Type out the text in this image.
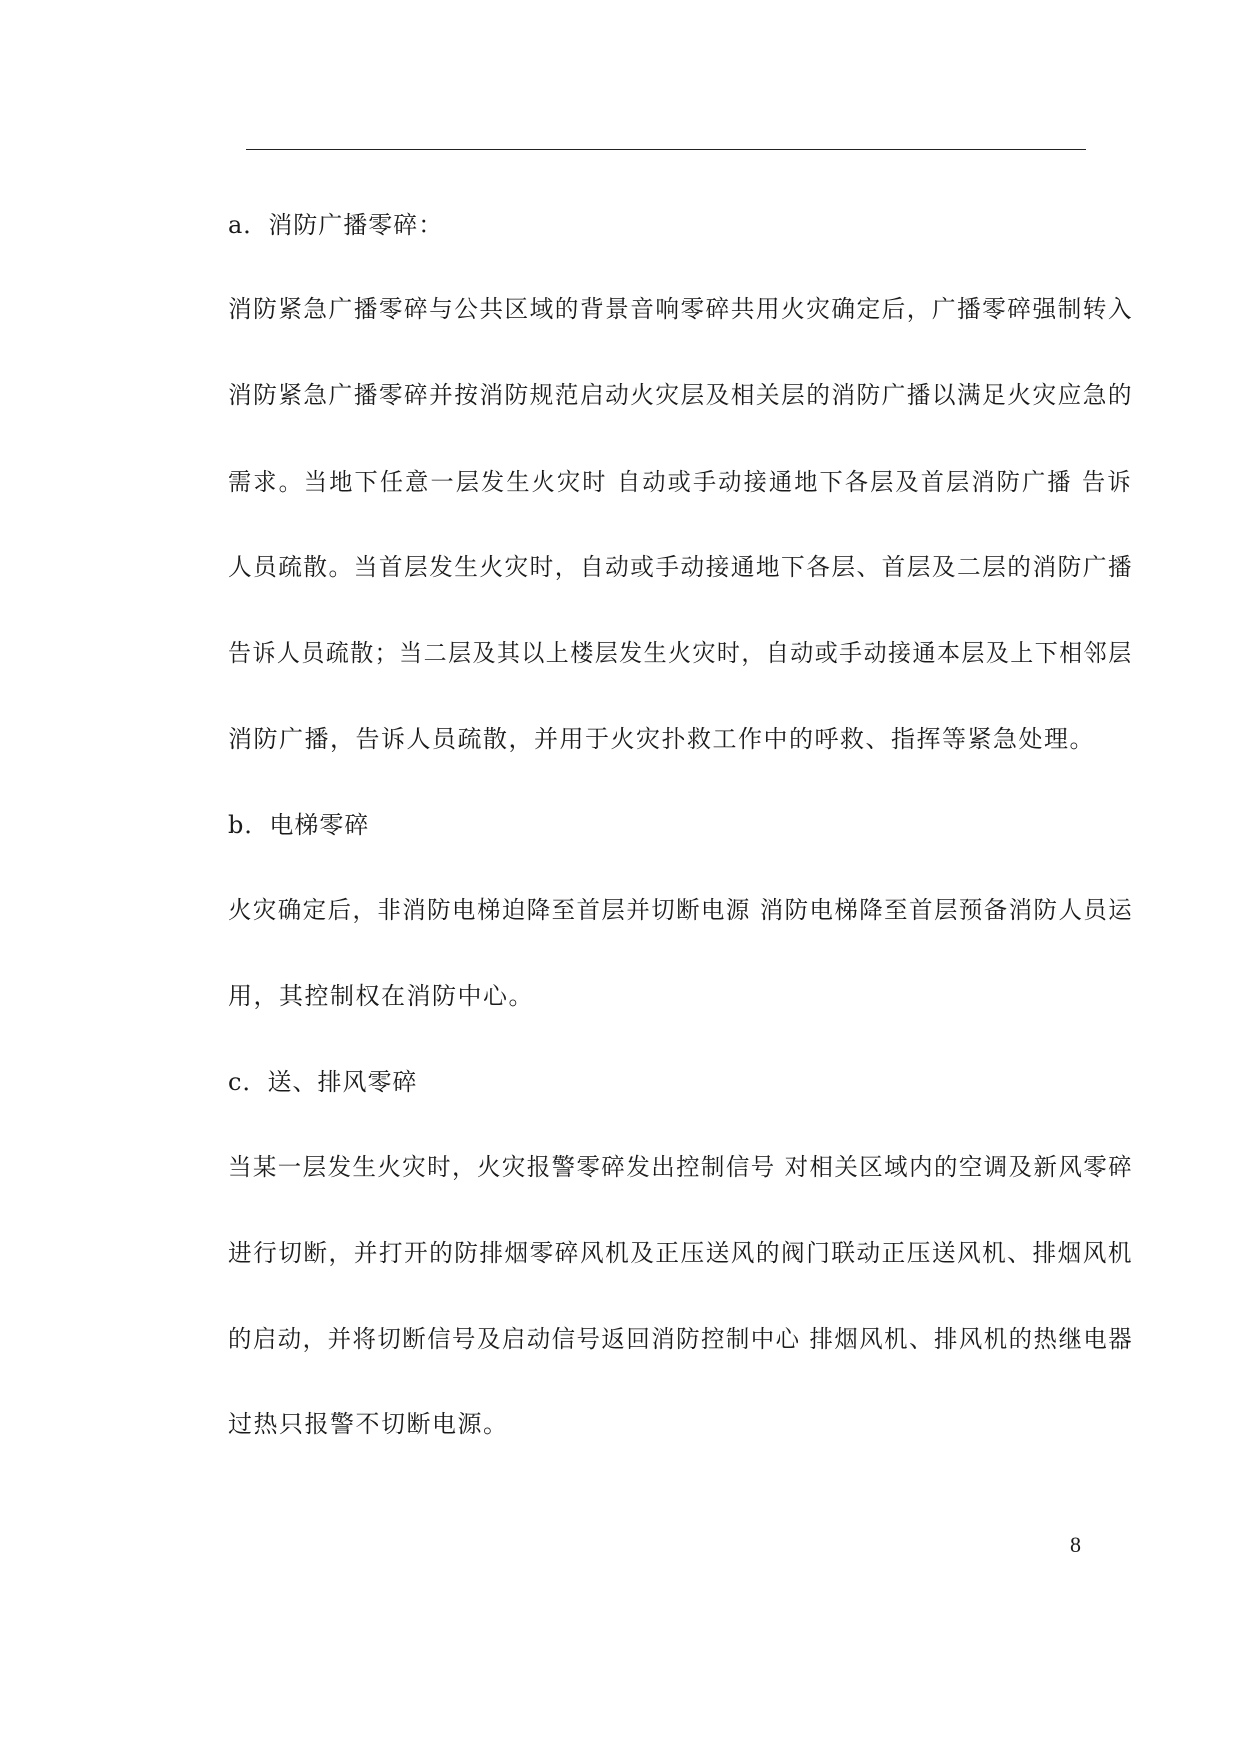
a．消防广播零碎：
消防紧急广播零碎与公共区域的背景音响零碎共用火灾确定后，广播零碎强制转入
消防紧急广播零碎并按消防规范启动火灾层及相关层的消防广播以满足火灾应急的
需求。当地下任意一层发生火灾时 自动或手动接通地下各层及首层消防广播 告诉
人员疏散。当首层发生火灾时，自动或手动接通地下各层、首层及二层的消防广播
告诉人员疏散；当二层及其以上楼层发生火灾时，自动或手动接通本层及上下相邻层
消防广播，告诉人员疏散，并用于火灾扑救工作中的呼救、指挥等紧急处理。
b．电梯零碎
火灾确定后，非消防电梯迫降至首层并切断电源 消防电梯降至首层预备消防人员运
用，其控制权在消防中心。
c．送、排风零碎
当某一层发生火灾时，火灾报警零碎发出控制信号 对相关区域内的空调及新风零碎
进行切断，并打开的防排烟零碎风机及正压送风的阀门联动正压送风机、排烟风机
的启动，并将切断信号及启动信号返回消防控制中心 排烟风机、排风机的热继电器
过热只报警不切断电源。
8
